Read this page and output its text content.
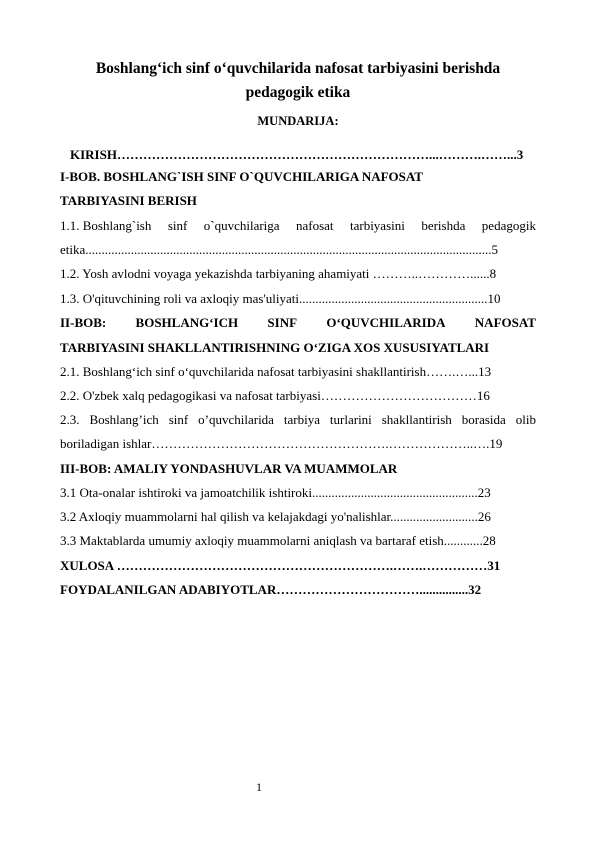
Boshlang‘ich sinf o‘quvchilarida nafosat tarbiyasini berishda
pedagogik etika
MUNDARIJA:
KIRISH………………………………………………………………...……….……...3
I-BOB. BOSHLANG`ISH SINF O`QUVCHILARIGA NAFOSAT
TARBIYASINI BERISH
1.1. Boshlang`ish sinf o`quvchilariga nafosat tarbiyasini berishda pedagogik
etika.............................................................................................................................5
1.2. Yosh avlodni voyaga yekazishda tarbiyaning ahamiyati ………..…………......8
1.3. O'qituvchining roli va axloqiy mas'uliyati..........................................................10
II-BOB: BOSHLANG‘ICH SINF O‘QUVCHILARIDA NAFOSAT
TARBIYASINI SHAKLLANTIRISHNING O‘ZIGA XOS XUSUSIYATLARI
2.1. Boshlang‘ich sinf o‘quvchilarida nafosat tarbiyasini shakllantirish…….…...13
2.2. O'zbek xalq pedagogikasi va nafosat tarbiyasi………………………………16
2.3. Boshlang’ich sinf o’quvchilarida tarbiya turlarini shakllantirish borasida olib
boriladigan ishlar……………………………………………….………………..….19
III-BOB: AMALIY YONDASHUVLAR VA MUAMMOLAR
3.1 Ota-onalar ishtiroki va jamoatchilik ishtiroki...................................................23
3.2 Axloqiy muammolarni hal qilish va kelajakdagi yo'nalishlar...........................26
3.3 Maktablarda umumiy axloqiy muammolarni aniqlash va bartaraf etish............28
XULOSA ……………………………………………………….…….……………31
FOYDALANILGAN ADABIYOTLAR……………………………...............32
1
